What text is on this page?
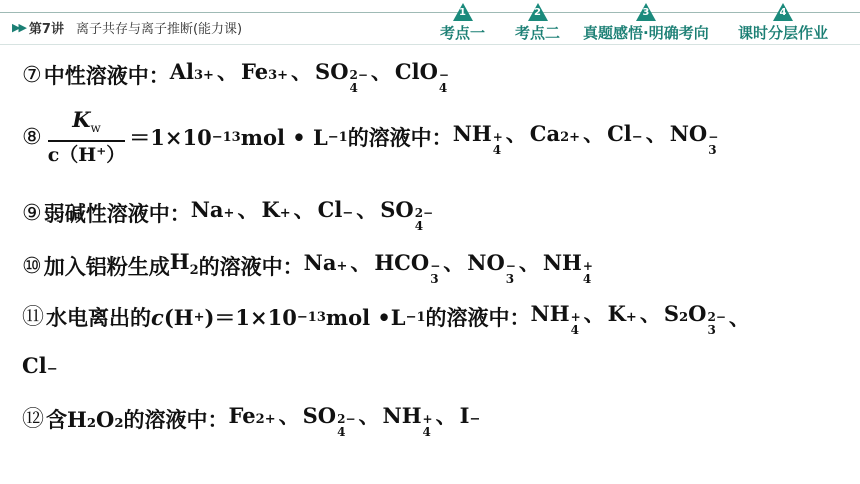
▶▶ 第7讲 离子共存与离子推断(能力课)
1
考点一
2
考点二
3
真题感悟·明确考向
4
课时分层作业
⑦ 中性溶液中： Al 3+ 、 Fe 3+ 、 SO 2−
4
、 ClO −
4
⑧ $\frac{K_w}{c(H^+)} =1\times 10 -13$ mol • L −1 的溶液中： NH +
4
、 Ca 2+ 、 Cl − 、 NO −
3
⑨ 弱碱性溶液中： Na + 、 K + 、 Cl − 、 SO 2−
4
⑩ 加入铝粉生成 $H_2$ 的溶液中： Na + 、 HCO −
3
、 NO −
3
、 NH +
4
⑪ 水电离出的 c (H + )＝1×10 −13 mol •L −1 的溶液中： NH +
4
、 K + 、 S₂O 2−
3 、
Cl −
⑫ 含 H₂O₂ 的溶液中： Fe 2+ 、 SO 2−
4
、 NH +
4
、 I −
